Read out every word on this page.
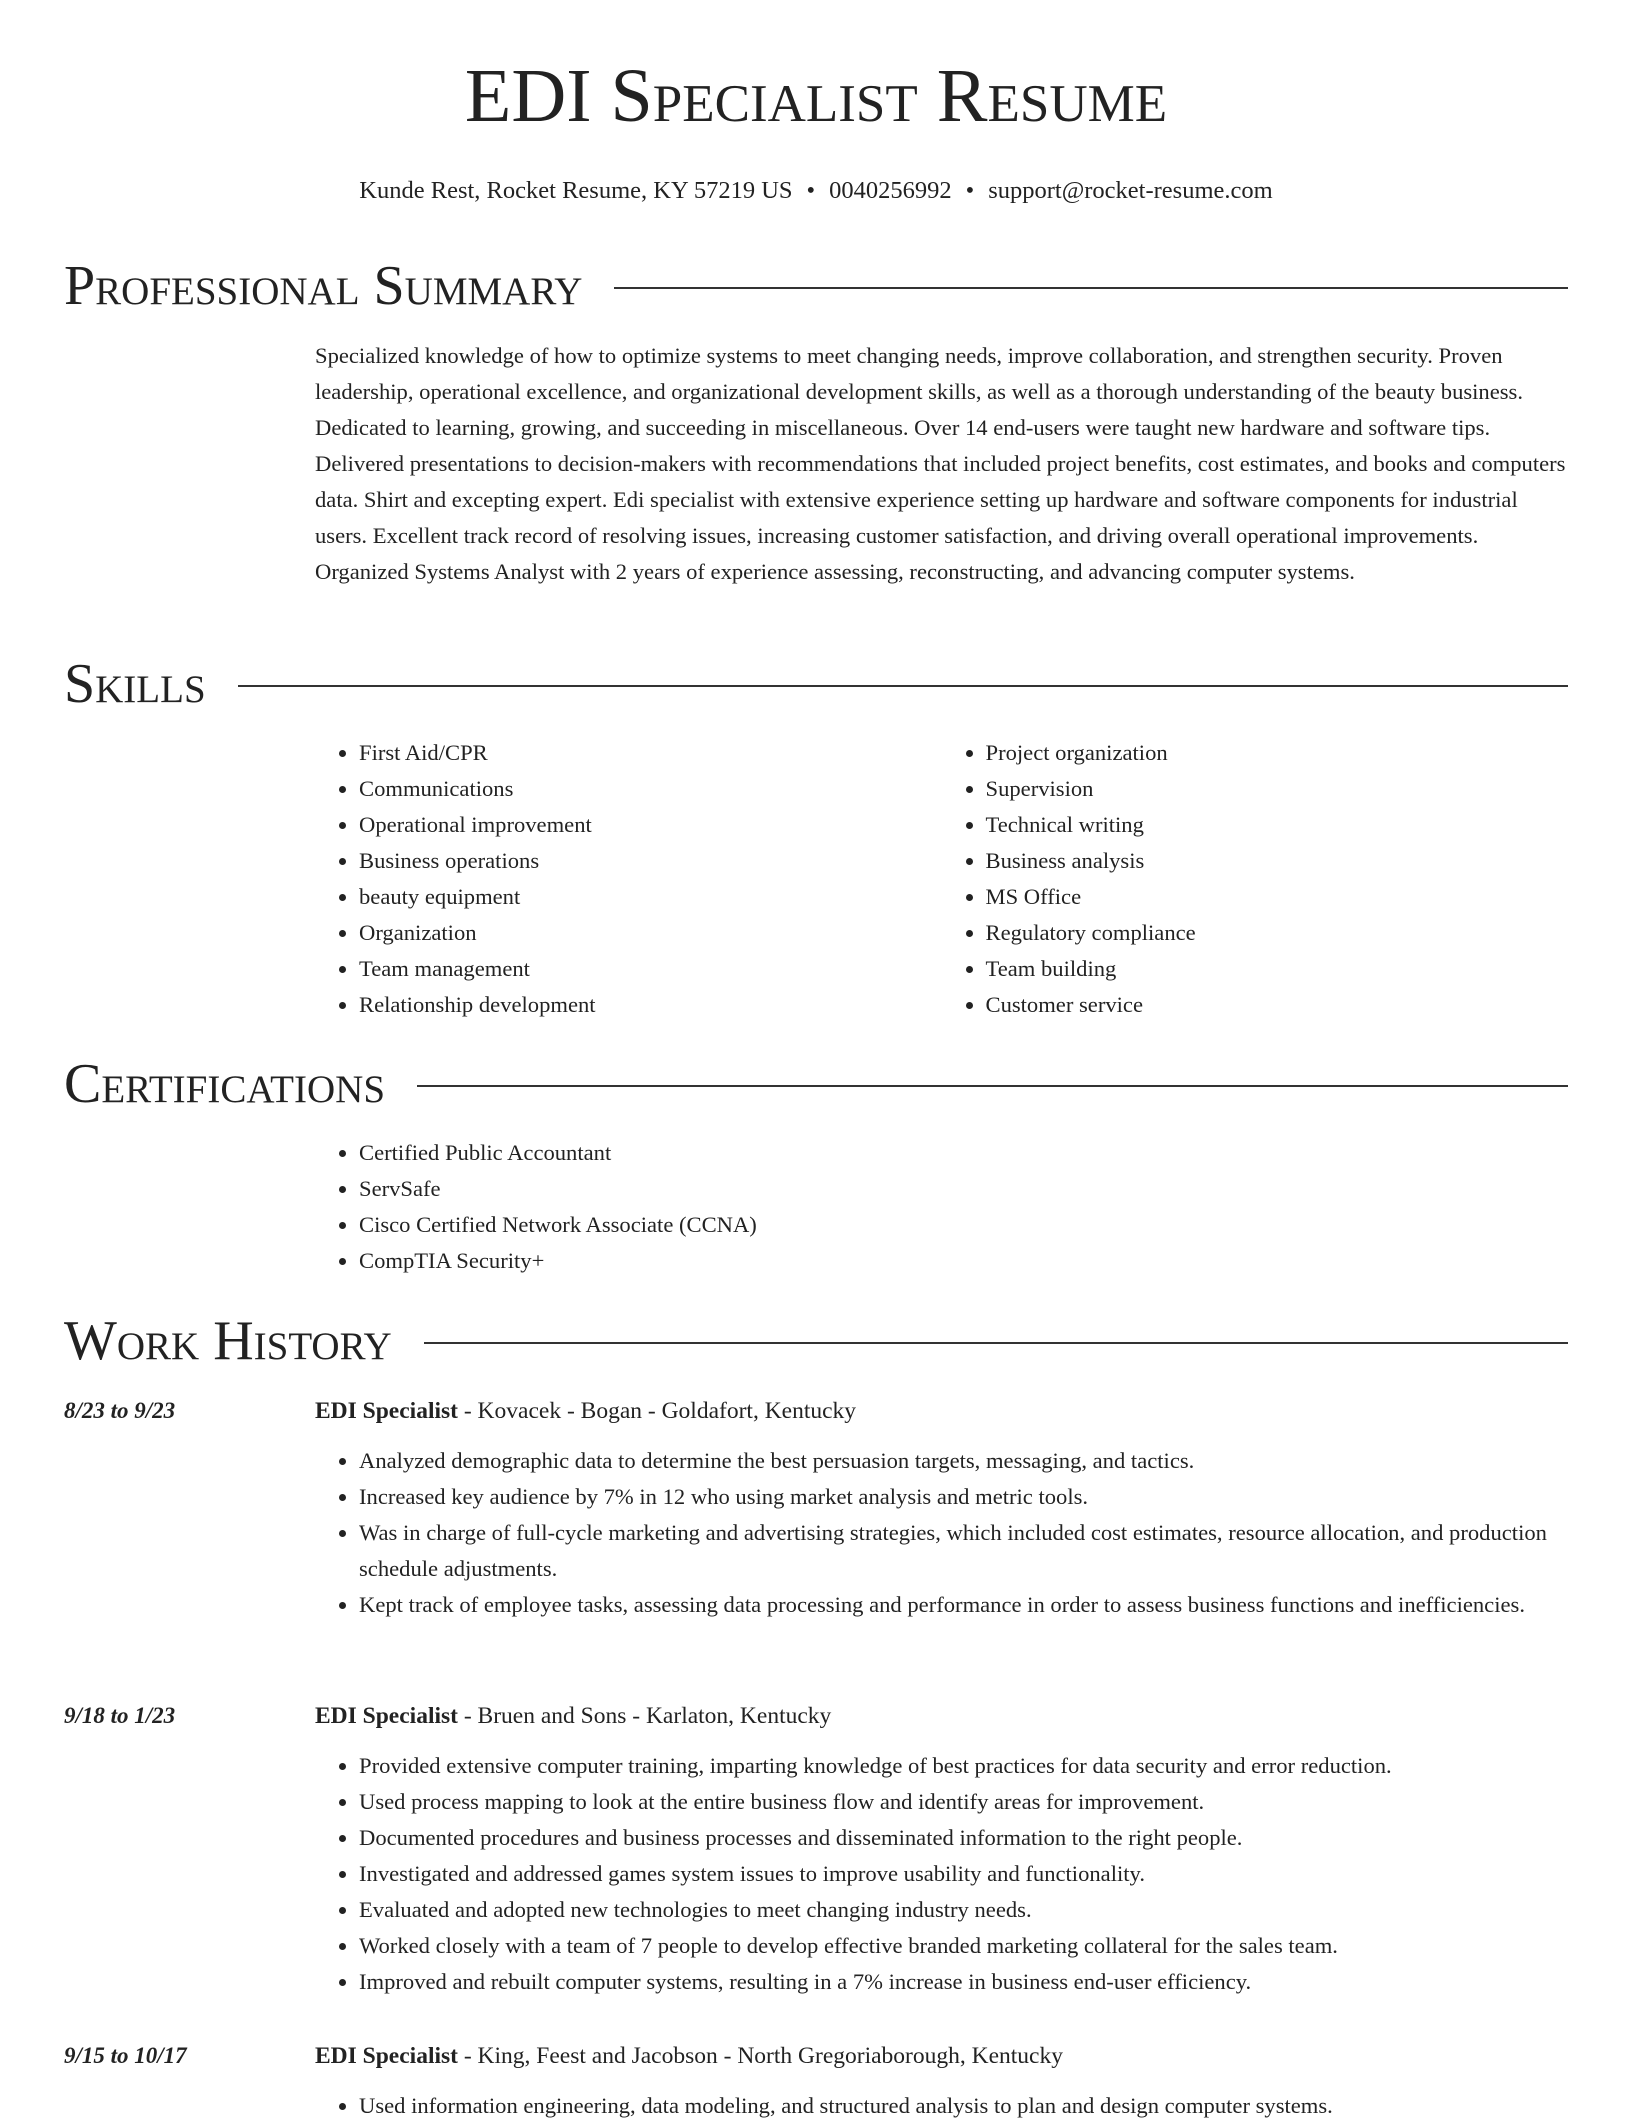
EDI Specialist Resume
Kunde Rest, Rocket Resume, KY 57219 US • 0040256992 • support@rocket-resume.com
Professional Summary

Specialized knowledge of how to optimize systems to meet changing needs, improve collaboration, and strengthen security. Proven leadership, operational excellence, and organizational development skills, as well as a thorough understanding of the beauty business. Dedicated to learning, growing, and succeeding in miscellaneous. Over 14 end-users were taught new hardware and software tips. Delivered presentations to decision-makers with recommendations that included project benefits, cost estimates, and books and computers data. Shirt and excepting expert. Edi specialist with extensive experience setting up hardware and software components for industrial users. Excellent track record of resolving issues, increasing customer satisfaction, and driving overall operational improvements. Organized Systems Analyst with 2 years of experience assessing, reconstructing, and advancing computer systems.

Skills
• First Aid/CPR
• Communications
• Operational improvement
• Business operations
• beauty equipment
• Organization
• Team management
• Relationship development
• Project organization
• Supervision
• Technical writing
• Business analysis
• MS Office
• Regulatory compliance
• Team building
• Customer service
Certifications
• Certified Public Accountant
• ServSafe
• Cisco Certified Network Associate (CCNA)
• CompTIA Security+
Work History
8/23 to 9/23	EDI Specialist - Kovacek - Bogan - Goldafort, Kentucky
• Analyzed demographic data to determine the best persuasion targets, messaging, and tactics.
• Increased key audience by 7% in 12 who using market analysis and metric tools.
• Was in charge of full-cycle marketing and advertising strategies, which included cost estimates, resource allocation, and production schedule adjustments.
• Kept track of employee tasks, assessing data processing and performance in order to assess business functions and inefficiencies.
9/18 to 1/23	EDI Specialist - Bruen and Sons - Karlaton, Kentucky
• Provided extensive computer training, imparting knowledge of best practices for data security and error reduction.
• Used process mapping to look at the entire business flow and identify areas for improvement.
• Documented procedures and business processes and disseminated information to the right people.
• Investigated and addressed games system issues to improve usability and functionality.
• Evaluated and adopted new technologies to meet changing industry needs.
• Worked closely with a team of 7 people to develop effective branded marketing collateral for the sales team.
• Improved and rebuilt computer systems, resulting in a 7% increase in business end-user efficiency.
9/15 to 10/17	EDI Specialist - King, Feest and Jacobson - North Gregoriaborough, Kentucky
• Used information engineering, data modeling, and structured analysis to plan and design computer systems.
